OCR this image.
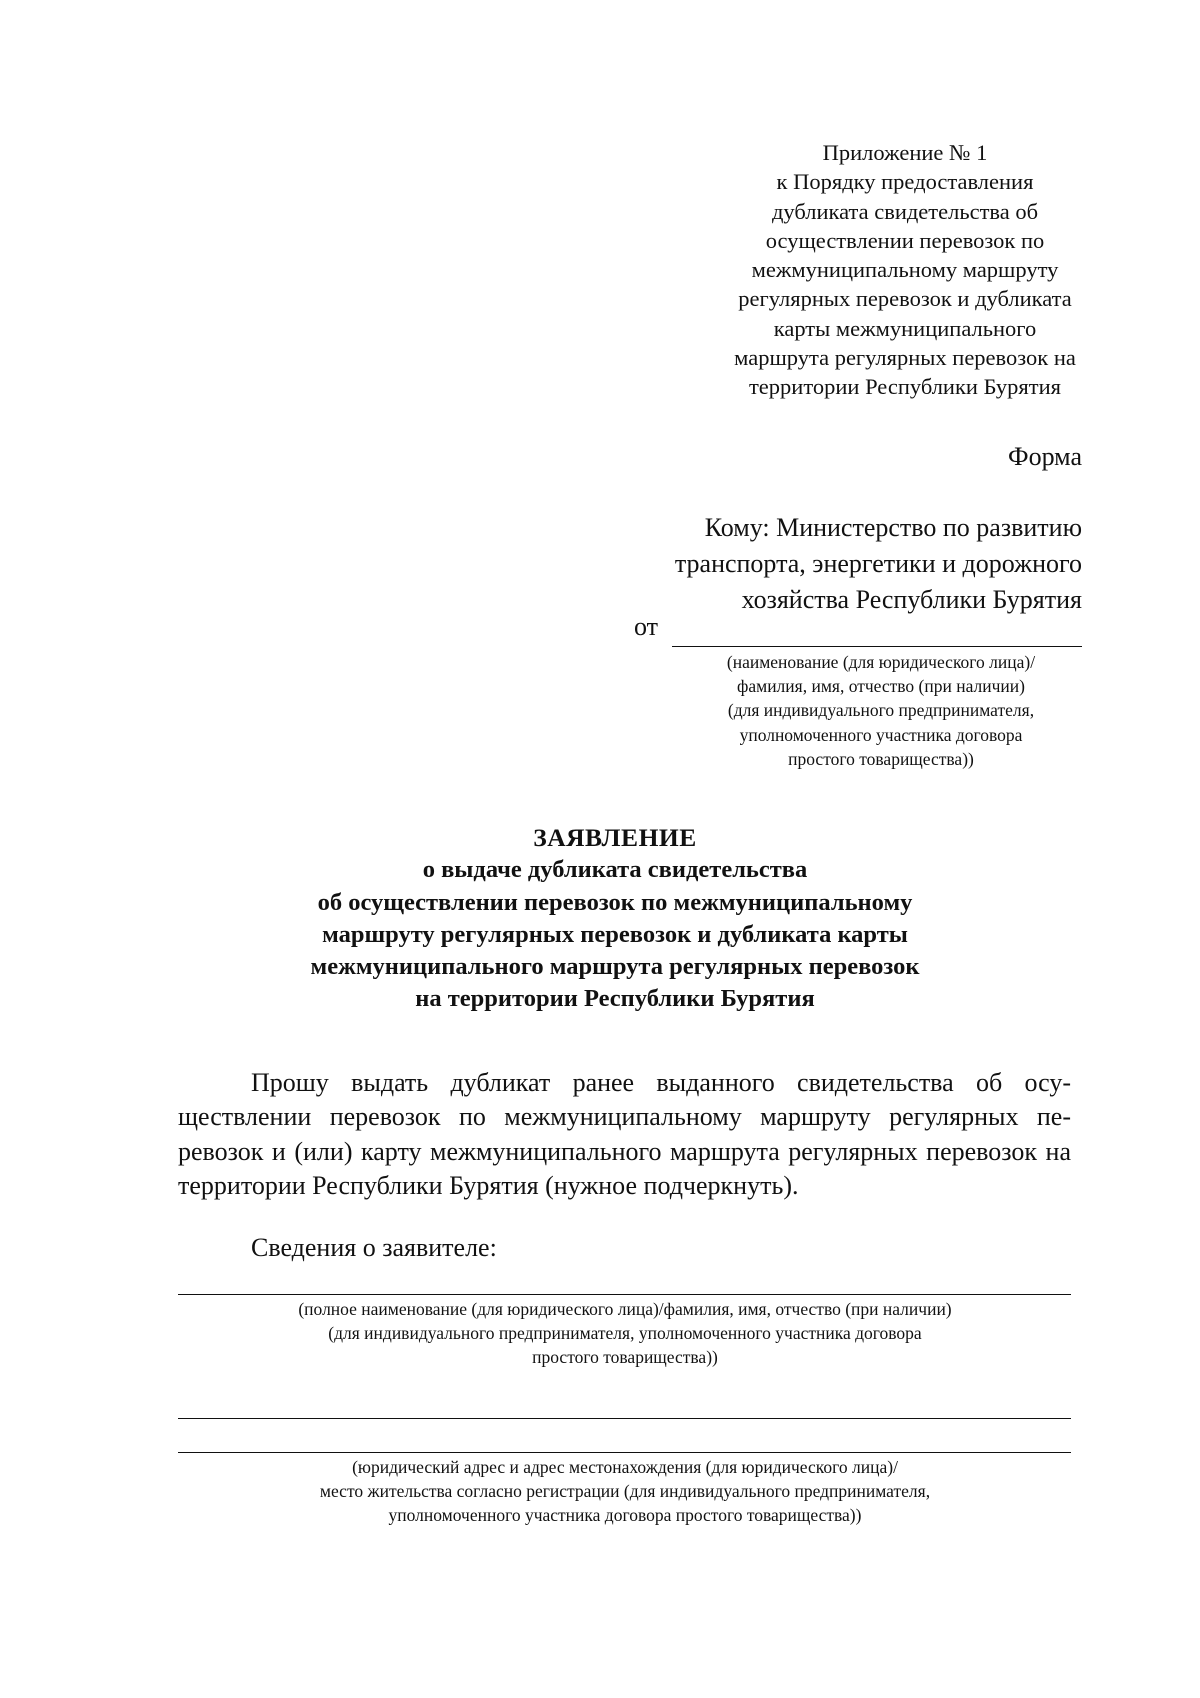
Приложение № 1
к Порядку предоставления
дубликата свидетельства об
осуществлении перевозок по
межмуниципальному маршруту
регулярных перевозок и дубликата
карты межмуниципального
маршрута регулярных перевозок на
территории Республики Бурятия
Форма
Кому: Министерство по развитию
транспорта, энергетики и дорожного
хозяйства Республики Бурятия
от
(наименование (для юридического лица)/
фамилия, имя, отчество (при наличии)
(для индивидуального предпринимателя,
уполномоченного участника договора
простого товарищества))
ЗАЯВЛЕНИЕ
о выдаче дубликата свидетельства
об осуществлении перевозок по межмуниципальному
маршруту регулярных перевозок и дубликата карты
межмуниципального маршрута регулярных перевозок
на территории Республики Бурятия
Прошу выдать дубликат ранее выданного свидетельства об осуществлении перевозок по межмуниципальному маршруту регулярных перевозок и (или) карту межмуниципального маршрута регулярных перевозок на территории Республики Бурятия (нужное подчеркнуть).
Сведения о заявителе:
(полное наименование (для юридического лица)/фамилия, имя, отчество (при наличии)
(для индивидуального предпринимателя, уполномоченного участника договора
простого товарищества))
(юридический адрес и адрес местонахождения (для юридического лица)/
место жительства согласно регистрации (для индивидуального предпринимателя,
уполномоченного участника договора простого товарищества))
